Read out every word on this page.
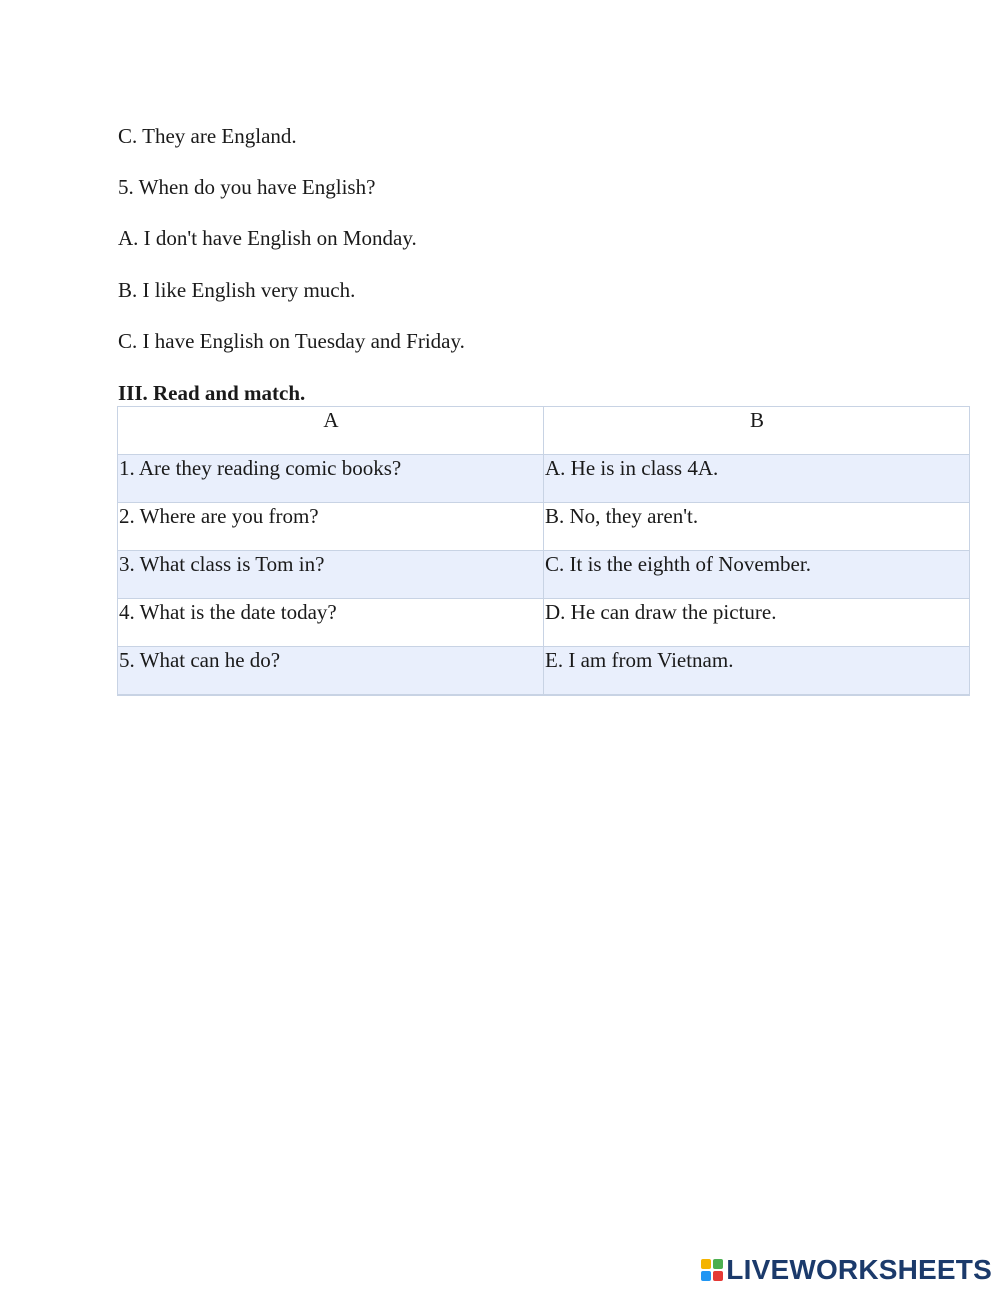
C. They are England.
5. When do you have English?
A. I don't have English on Monday.
B. I like English very much.
C. I have English on Tuesday and Friday.
III. Read and match.
A	B
1. Are they reading comic books?	A. He is in class 4A.
2. Where are you from?	B. No, they aren't.
3. What class is Tom in?	C. It is the eighth of November.
4. What is the date today?	D. He can draw the picture.
5. What can he do?	E. I am from Vietnam.
LIVEWORKSHEETS
